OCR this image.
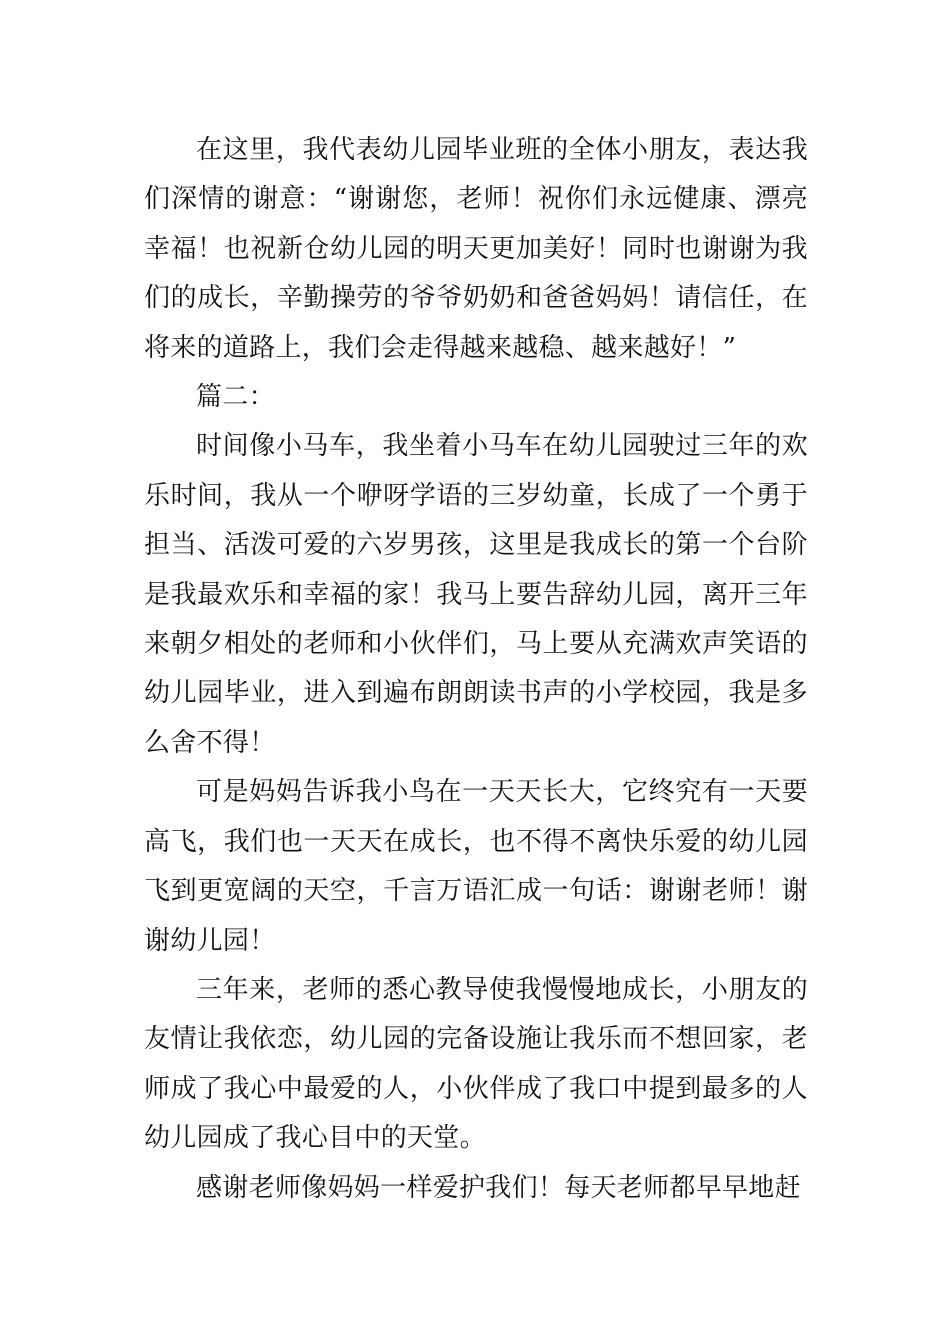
在这里，我代表幼儿园毕业班的全体小朋友，表达我们深情的谢意：“谢谢您，老师！祝你们永远健康、漂亮幸福！也祝新仓幼儿园的明天更加美好！同时也谢谢为我们的成长，辛勤操劳的爷爷奶奶和爸爸妈妈！请信任，在将来的道路上，我们会走得越来越稳、越来越好！”

篇二：

时间像小马车，我坐着小马车在幼儿园驶过三年的欢乐时间，我从一个咿呀学语的三岁幼童，长成了一个勇于担当、活泼可爱的六岁男孩，这里是我成长的第一个台阶是我最欢乐和幸福的家！我马上要告辞幼儿园，离开三年来朝夕相处的老师和小伙伴们，马上要从充满欢声笑语的幼儿园毕业，进入到遍布朗朗读书声的小学校园，我是多么舍不得！

可是妈妈告诉我小鸟在一天天长大，它终究有一天要高飞，我们也一天天在成长，也不得不离快乐爱的幼儿园飞到更宽阔的天空，千言万语汇成一句话：谢谢老师！谢谢幼儿园！

三年来，老师的悉心教导使我慢慢地成长，小朋友的友情让我依恋，幼儿园的完备设施让我乐而不想回家，老师成了我心中最爱的人，小伙伴成了我口中提到最多的人幼儿园成了我心目中的天堂。

感谢老师像妈妈一样爱护我们！每天老师都早早地赶
